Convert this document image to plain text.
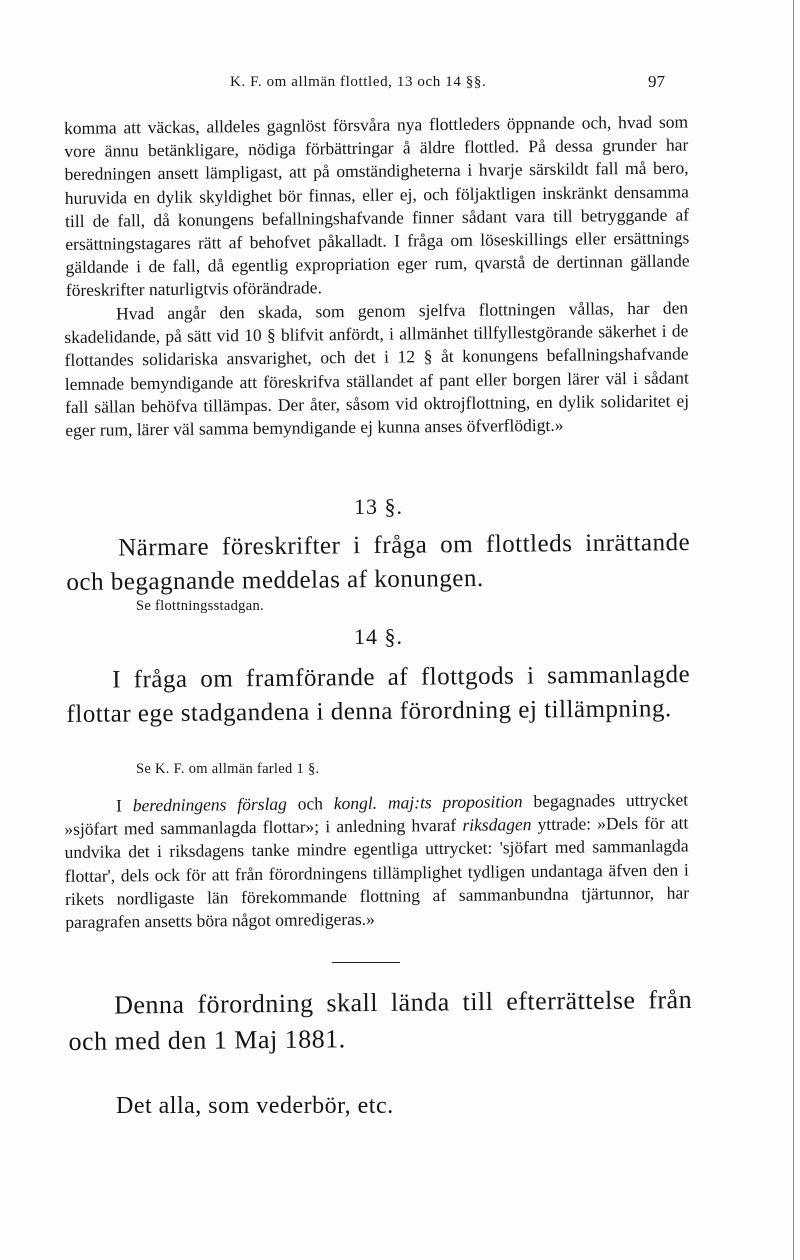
K. F. om allmän flottled, 13 och 14 §§.	97

komma att väckas, alldeles gagnlöst försvåra nya flottleders öppnande och, hvad som vore ännu betänkligare, nödiga förbättringar å äldre flottled. På dessa grunder har beredningen ansett lämpligast, att på omständigheterna i hvarje särskildt fall må bero, huruvida en dylik skyldighet bör finnas, eller ej, och följaktligen inskränkt densamma till de fall, då konungens befallningshafvande finner sådant vara till betryggande af ersättningstagares rätt af behofvet påkalladt. I fråga om löseskillings eller ersättnings gäldande i de fall, då egentlig expropriation eger rum, qvarstå de dertinnan gällande föreskrifter naturligtvis oförändrade.

Hvad angår den skada, som genom sjelfva flottningen vållas, har den skadelidande, på sätt vid 10 § blifvit anfördt, i allmänhet tillfyllestgörande säkerhet i de flottandes solidariska ansvarighet, och det i 12 § åt konungens befallningshafvande lemnade bemyndigande att föreskrifva ställandet af pant eller borgen lärer väl i sådant fall sällan behöfva tillämpas. Der åter, såsom vid oktrojflottning, en dylik solidaritet ej eger rum, lärer väl samma bemyndigande ej kunna anses öfverflödigt.»

13 §.

Närmare föreskrifter i fråga om flottleds inrättande och begagnande meddelas af konungen.

Se flottningsstadgan.
14 §.

I fråga om framförande af flottgods i sammanlagde flottar ege stadgandena i denna förordning ej tillämpning.

Se K. F. om allmän farled 1 §.

I beredningens förslag och kongl. maj:ts proposition begagnades uttrycket »sjöfart med sammanlagda flottar»; i anledning hvaraf riksdagen yttrade: »Dels för att undvika det i riksdagens tanke mindre egentliga uttrycket: 'sjöfart med sammanlagda flottar', dels ock för att från förordningens tillämplighet tydligen undantaga äfven den i rikets nordligaste län förekommande flottning af sammanbundna tjärtunnor, har paragrafen ansetts böra något omredigeras.»

Denna förordning skall lända till efterrättelse från och med den 1 Maj 1881.

Det alla, som vederbör, etc.
